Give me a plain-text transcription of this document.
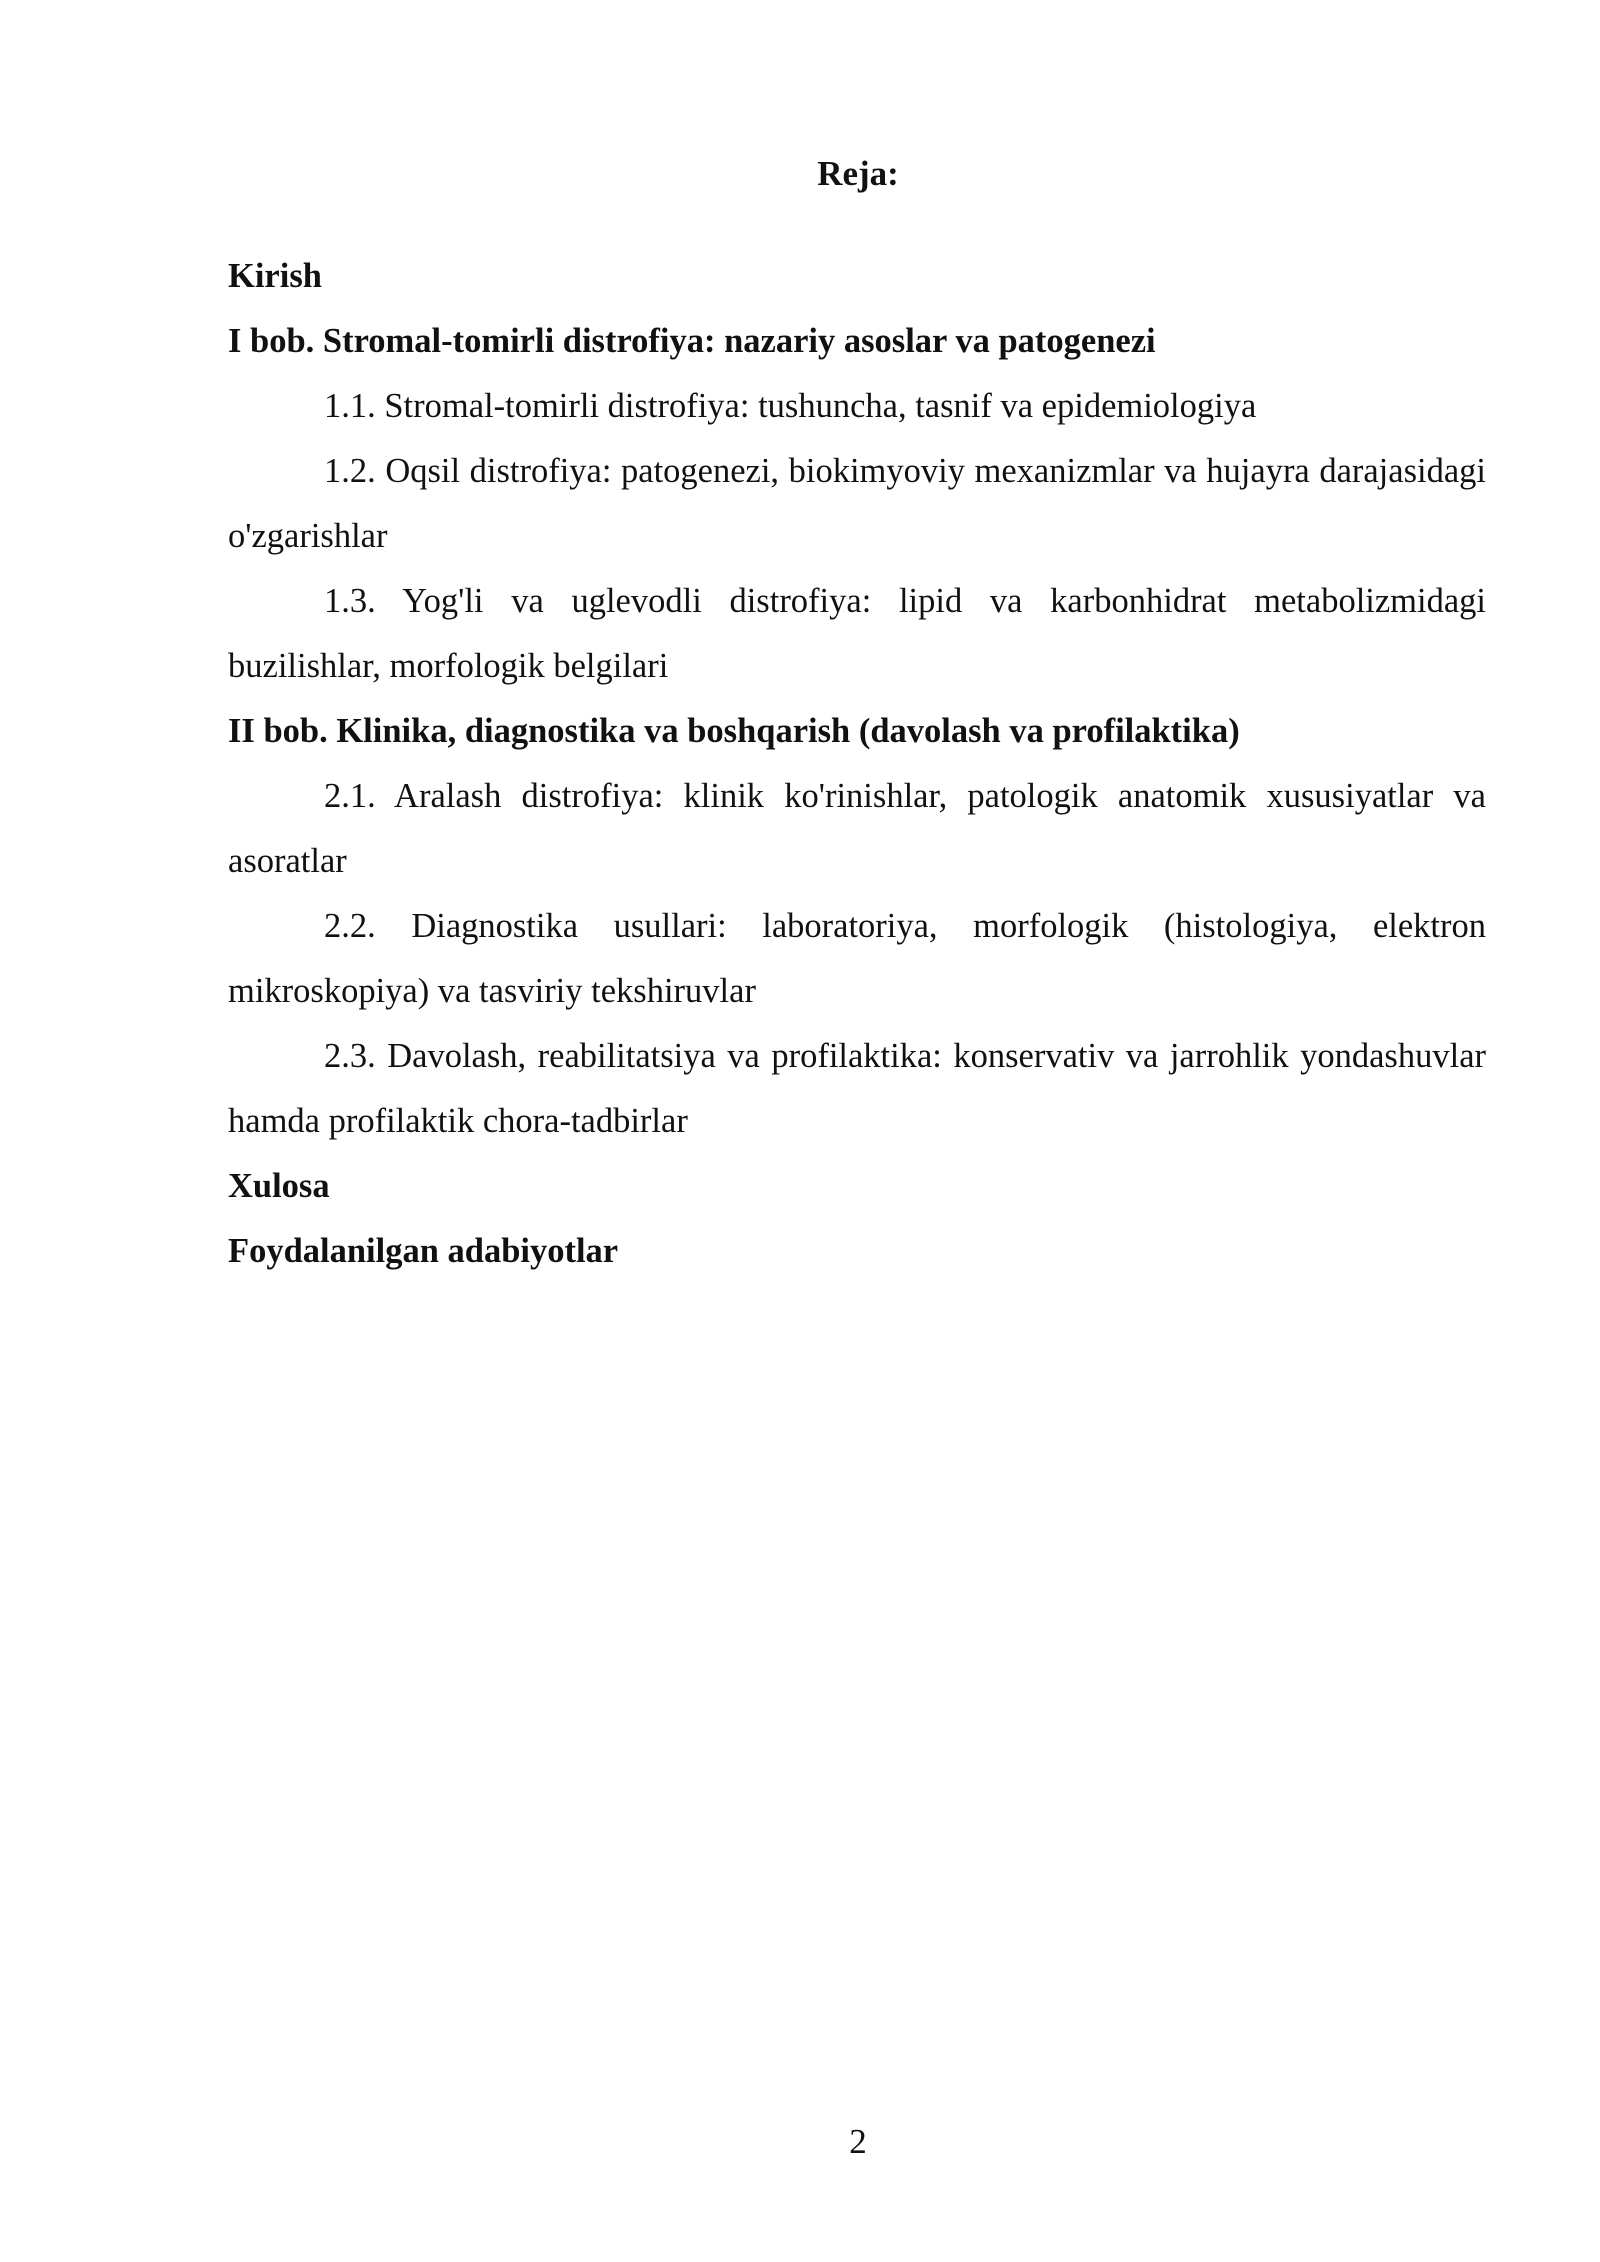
Reja:

Kirish

I bob. Stromal-tomirli distrofiya: nazariy asoslar va patogenezi

1.1. Stromal-tomirli distrofiya: tushuncha, tasnif va epidemiologiya

1.2. Oqsil distrofiya: patogenezi, biokimyoviy mexanizmlar va hujayra darajasidagi o'zgarishlar

1.3. Yog'li va uglevodli distrofiya: lipid va karbonhidrat metabolizmidagi buzilishlar, morfologik belgilari

II bob. Klinika, diagnostika va boshqarish (davolash va profilaktika)

2.1. Aralash distrofiya: klinik ko'rinishlar, patologik anatomik xususiyatlar va asoratlar

2.2. Diagnostika usullari: laboratoriya, morfologik (histologiya, elektron mikroskopiya) va tasviriy tekshiruvlar

2.3. Davolash, reabilitatsiya va profilaktika: konservativ va jarrohlik yondashuvlar hamda profilaktik chora-tadbirlar

Xulosa

Foydalanilgan adabiyotlar

2
